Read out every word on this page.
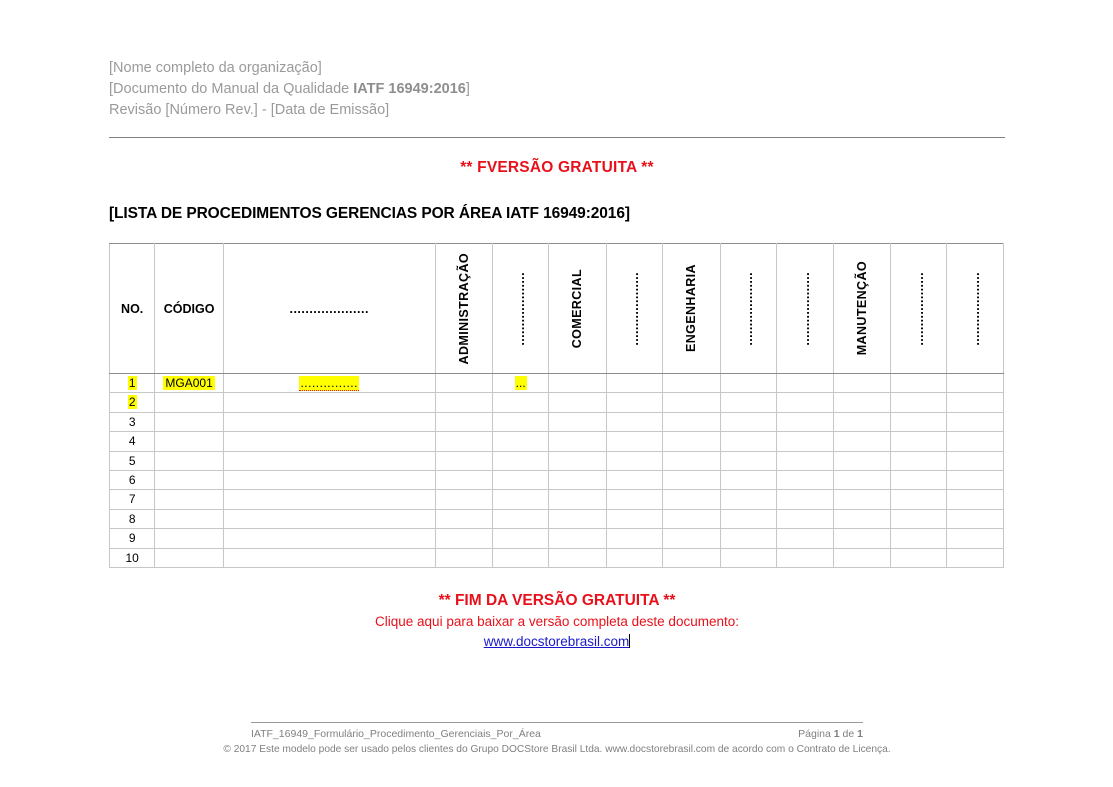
[Nome completo da organização]
[Documento do Manual da Qualidade IATF 16949:2016]
Revisão [Número Rev.] - [Data de Emissão]
** FVERSÃO GRATUITA **
[LISTA DE PROCEDIMENTOS GERENCIAS POR ÁREA IATF 16949:2016]
NO.	CÓDIGO	....................	ADMINISTRAÇÃO	...................	COMERCIAL	...................	ENGENHARIA	...................	...................	MANUTENÇÃO	...................	...................

1	MGA001	...............		...								
2												
3												
4												
5												
6												
7												
8												
9												
10												
** FIM DA VERSÃO GRATUITA **
Clique aqui para baixar a versão completa deste documento:
www.docstorebrasil.com
IATF_16949_Formulário_Procedimento_Gerenciais_Por_Área	Página 1 de 1
© 2017 Este modelo pode ser usado pelos clientes do Grupo DOCStore Brasil Ltda. www.docstorebrasil.com de acordo com o Contrato de Licença.
